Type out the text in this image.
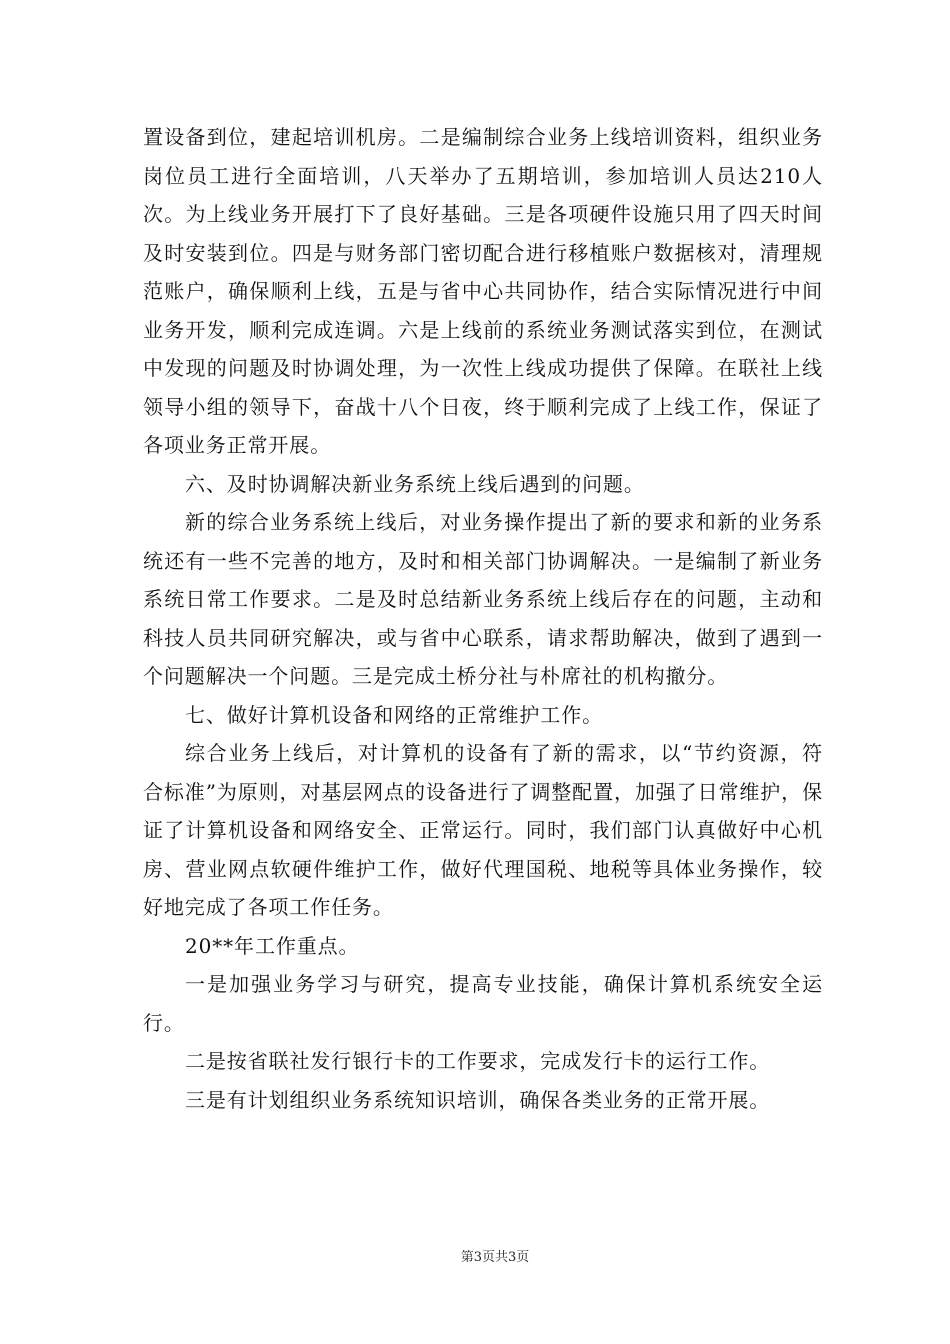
置设备到位，建起培训机房。二是编制综合业务上线培训资料，组织业务岗位员工进行全面培训，八天举办了五期培训，参加培训人员达210人次。为上线业务开展打下了良好基础。三是各项硬件设施只用了四天时间及时安装到位。四是与财务部门密切配合进行移植账户数据核对，清理规范账户，确保顺利上线，五是与省中心共同协作，结合实际情况进行中间业务开发，顺利完成连调。六是上线前的系统业务测试落实到位，在测试中发现的问题及时协调处理，为一次性上线成功提供了保障。在联社上线领导小组的领导下，奋战十八个日夜，终于顺利完成了上线工作，保证了各项业务正常开展。

六、及时协调解决新业务系统上线后遇到的问题。

新的综合业务系统上线后，对业务操作提出了新的要求和新的业务系统还有一些不完善的地方，及时和相关部门协调解决。一是编制了新业务系统日常工作要求。二是及时总结新业务系统上线后存在的问题，主动和科技人员共同研究解决，或与省中心联系，请求帮助解决，做到了遇到一个问题解决一个问题。三是完成土桥分社与朴席社的机构撤分。

七、做好计算机设备和网络的正常维护工作。

综合业务上线后，对计算机的设备有了新的需求，以“节约资源，符合标准”为原则，对基层网点的设备进行了调整配置，加强了日常维护，保证了计算机设备和网络安全、正常运行。同时，我们部门认真做好中心机房、营业网点软硬件维护工作，做好代理国税、地税等具体业务操作，较好地完成了各项工作任务。

20**年工作重点。

一是加强业务学习与研究，提高专业技能，确保计算机系统安全运行。

二是按省联社发行银行卡的工作要求，完成发行卡的运行工作。

三是有计划组织业务系统知识培训，确保各类业务的正常开展。

第3页共3页
